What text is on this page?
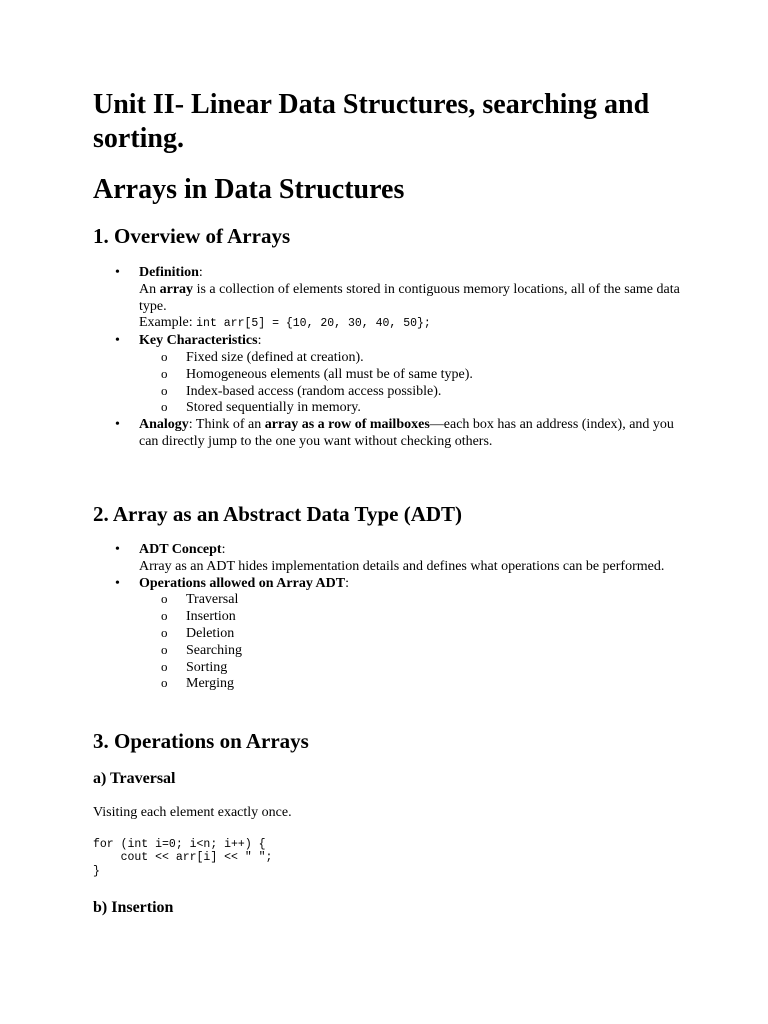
Unit II- Linear Data Structures, searching and sorting.
Arrays in Data Structures
1. Overview of Arrays
• Definition:
An array is a collection of elements stored in contiguous memory locations, all of the same data type.
Example: int arr[5] = {10, 20, 30, 40, 50};
• Key Characteristics:
o Fixed size (defined at creation).
o Homogeneous elements (all must be of same type).
o Index-based access (random access possible).
o Stored sequentially in memory.
• Analogy: Think of an array as a row of mailboxes—each box has an address (index), and you can directly jump to the one you want without checking others.
2. Array as an Abstract Data Type (ADT)
• ADT Concept:
Array as an ADT hides implementation details and defines what operations can be performed.
• Operations allowed on Array ADT:
o Traversal
o Insertion
o Deletion
o Searching
o Sorting
o Merging
3. Operations on Arrays
a) Traversal
Visiting each element exactly once.
for (int i=0; i<n; i++) {
cout << arr[i] << " ";
}
b) Insertion
